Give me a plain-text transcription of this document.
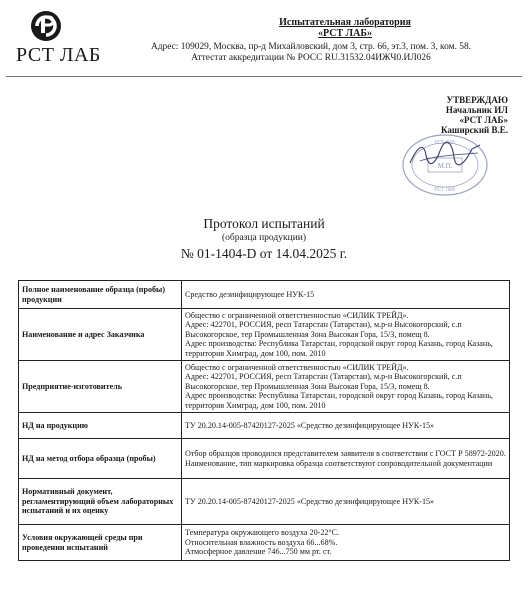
РСТ ЛАБ
Испытательная лаборатория
«РСТ ЛАБ»
Адрес: 109029, Москва, пр-д Михайловский, дом 3, стр. 66, эт.3, пом. 3, ком. 58.
Аттестат аккредитации № РОСС RU.31532.04ИЖЧ0.ИЛ026
УТВЕРЖДАЮ
Начальник ИЛ
«РСТ ЛАБ»
Каширский В.Е.
М.П.
РСТ ЛАБ
РСТ ЛАБ
Протокол испытаний
(образца продукции)
№ 01-1404-D от 14.04.2025 г.
Полное наименование образца (пробы) продукции	Средство дезинфицирующее НУК-15

Наименование и адрес Заказчика	Общество с ограниченной ответственностью «СИЛИК ТРЕЙД».
Адрес: 422701, РОССИЯ, респ Татарстан (Татарстан), м.р-н Высокогорский, с.п Высокогорское, тер Промышленная Зона Высокая Гора, 15/3, помещ 8.
Адрес производства: Республика Татарстан, городской округ город Казань, город Казань, территория Химград, дом 100, пом. 2010

Предприятие-изготовитель	Общество с ограниченной ответственностью «СИЛИК ТРЕЙД».
Адрес: 422701, РОССИЯ, респ Татарстан (Татарстан), м.р-н Высокогорский, с.п Высокогорское, тер Промышленная Зона Высокая Гора, 15/3, помещ 8.
Адрес производства: Республика Татарстан, городской округ город Казань, город Казань, территория Химград, дом 100, пом. 2010

НД на продукцию	ТУ 20.20.14-005-87420127-2025 «Средство дезинфицирующее НУК-15»

НД на метод отбора образца (пробы)	Отбор образцов проводился представителем заявителя в соответствии с ГОСТ Р 58972-2020.
Наименование, тип маркировка образца соответствуют сопроводительной документации

Нормативный документ, регламентирующий объем лабораторных испытаний и их оценку	ТУ 20.20.14-005-87420127-2025 «Средство дезинфицирующее НУК-15»

Условия окружающей среды при проведении испытаний	Температура окружающего воздуха 20-22°С.
Относительная влажность воздуха 66...68%.
Атмосферное давление 746...750 мм рт. ст.
